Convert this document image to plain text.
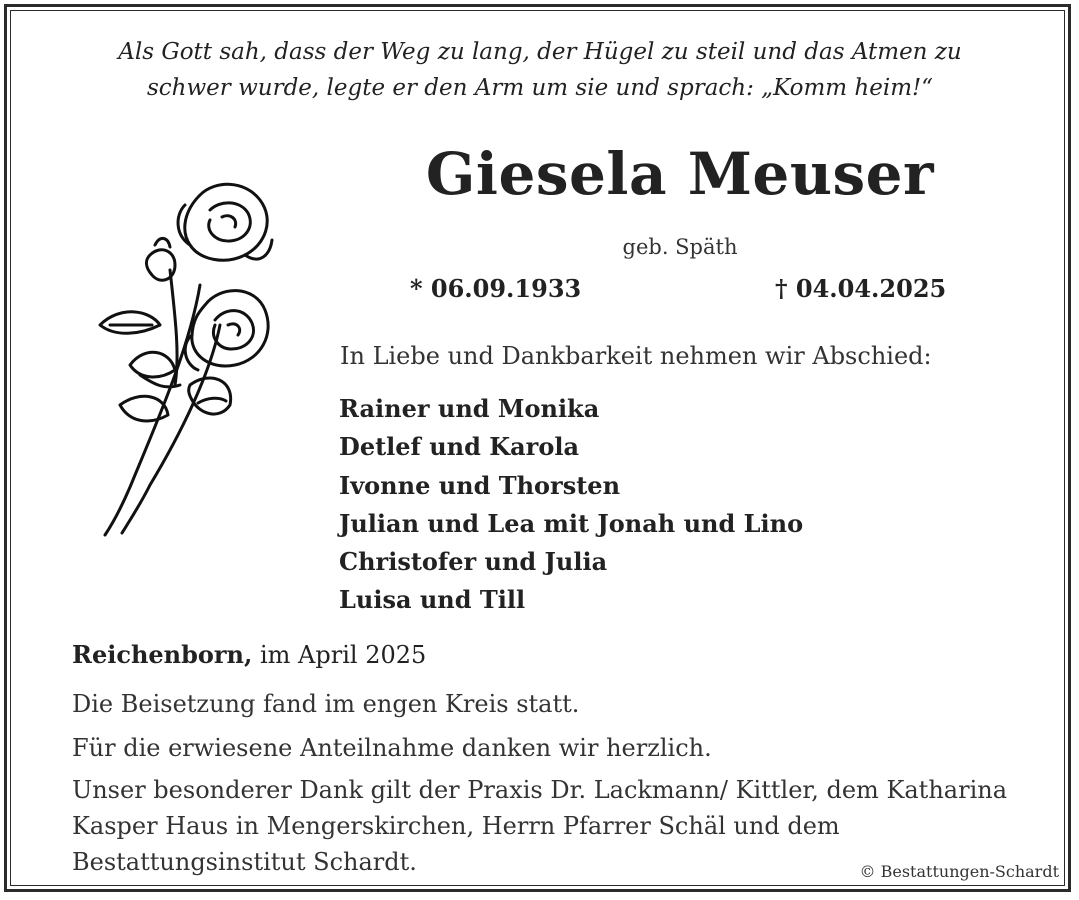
Als Gott sah, dass der Weg zu lang, der Hügel zu steil und das Atmen zu
schwer wurde, legte er den Arm um sie und sprach: „Komm heim!“
Giesela Meuser
geb. Späth
* 06.09.1933	† 04.04.2025
In Liebe und Dankbarkeit nehmen wir Abschied:
Rainer und Monika
Detlef und Karola
Ivonne und Thorsten
Julian und Lea mit Jonah und Lino
Christofer und Julia
Luisa und Till
Reichenborn, im April 2025
Die Beisetzung fand im engen Kreis statt.
Für die erwiesene Anteilnahme danken wir herzlich.
Unser besonderer Dank gilt der Praxis Dr. Lackmann/ Kittler, dem Katharina Kasper Haus in Mengerskirchen, Herrn Pfarrer Schäl und dem Bestattungsinstitut Schardt.	© Bestattungen-Schardt
